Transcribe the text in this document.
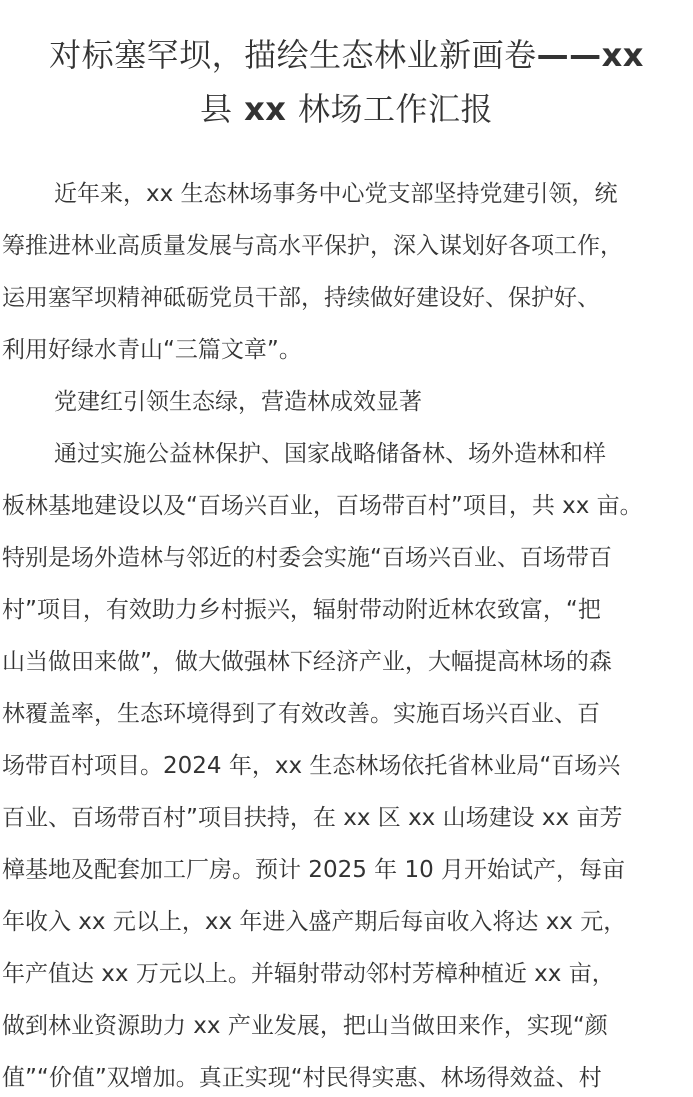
对标塞罕坝，描绘生态林业新画卷——xx
县 xx 林场工作汇报
近年来，xx 生态林场事务中心党支部坚持党建引领，统
筹推进林业高质量发展与高水平保护，深入谋划好各项工作，
运用塞罕坝精神砥砺党员干部，持续做好建设好、保护好、
利用好绿水青山“三篇文章”。
党建红引领生态绿，营造林成效显著
通过实施公益林保护、国家战略储备林、场外造林和样
板林基地建设以及“百场兴百业，百场带百村”项目，共 xx 亩。
特别是场外造林与邻近的村委会实施“百场兴百业、百场带百
村”项目，有效助力乡村振兴，辐射带动附近林农致富，“把
山当做田来做”，做大做强林下经济产业，大幅提高林场的森
林覆盖率，生态环境得到了有效改善。实施百场兴百业、百
场带百村项目。2024 年，xx 生态林场依托省林业局“百场兴
百业、百场带百村”项目扶持，在 xx 区 xx 山场建设 xx 亩芳
樟基地及配套加工厂房。预计 2025 年 10 月开始试产，每亩
年收入 xx 元以上，xx 年进入盛产期后每亩收入将达 xx 元，
年产值达 xx 万元以上。并辐射带动邻村芳樟种植近 xx 亩，
做到林业资源助力 xx 产业发展，把山当做田来作，实现“颜
值”“价值”双增加。真正实现“村民得实惠、林场得效益、村
